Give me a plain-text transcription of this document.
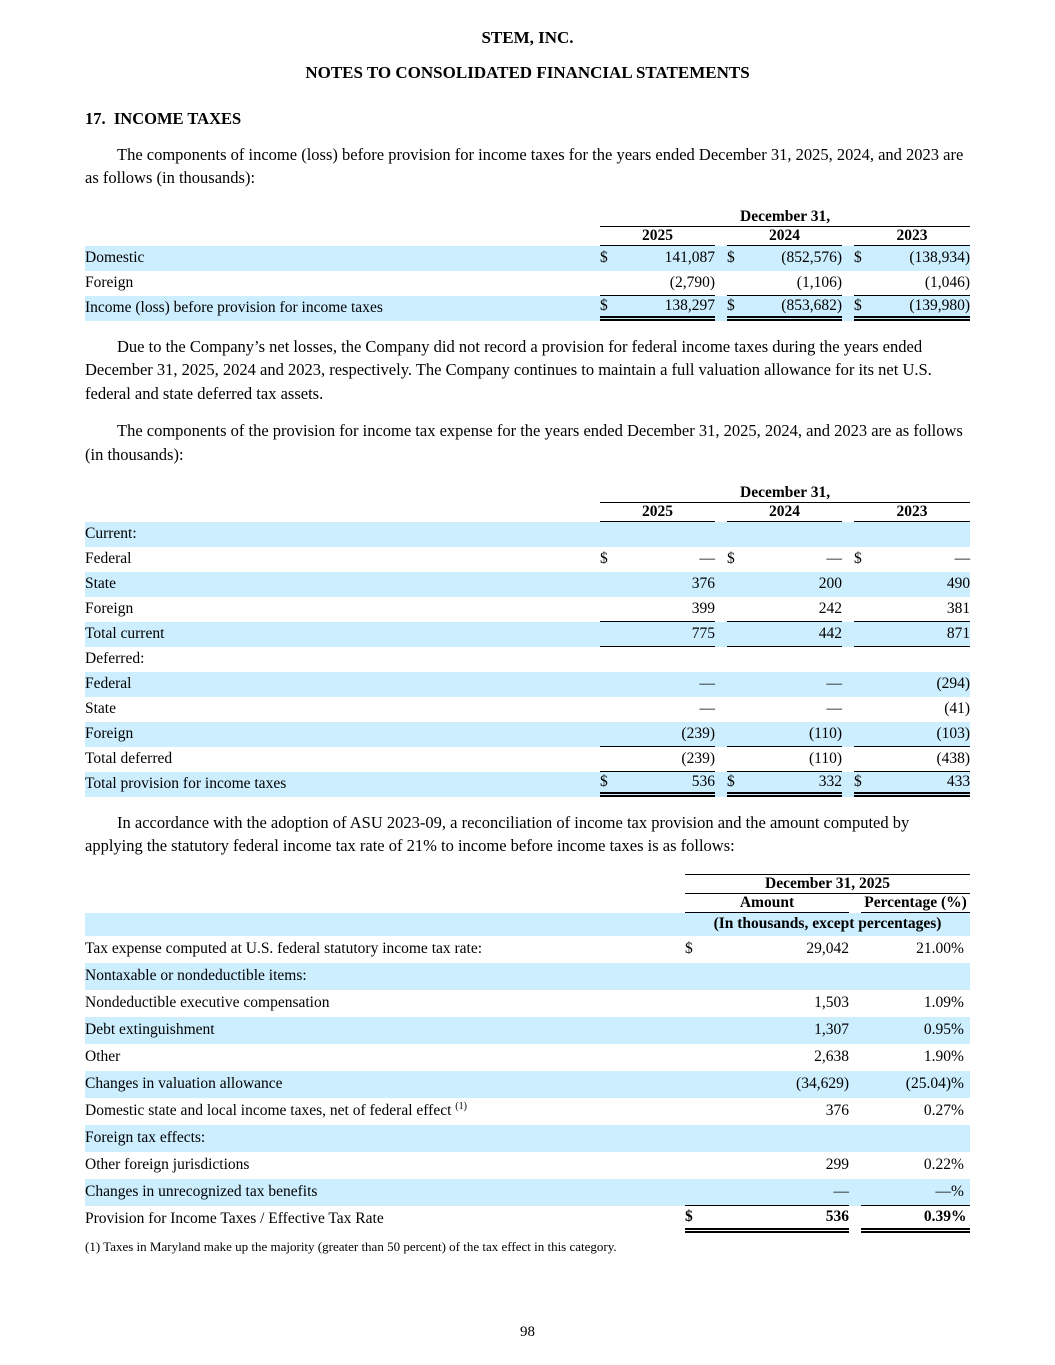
STEM, INC.
NOTES TO CONSOLIDATED FINANCIAL STATEMENTS
17.  INCOME TAXES

The components of income (loss) before provision for income taxes for the years ended December 31, 2025, 2024, and 2023 are as follows (in thousands):

	December 31,							
	2025			2024			2023	
Domestic	$	141,087		$	(852,576)		$	(138,934)
Foreign		(2,790)			(1,106)			(1,046)
Income (loss) before provision for income taxes	$	138,297		$	(853,682)		$	(139,980)

Due to the Company’s net losses, the Company did not record a provision for federal income taxes during the years ended December 31, 2025, 2024 and 2023, respectively. The Company continues to maintain a full valuation allowance for its net U.S. federal and state deferred tax assets.

The components of the provision for income tax expense for the years ended December 31, 2025, 2024, and 2023 are as follows (in thousands):

	December 31,							
	2025			2024			2023	
Current:								
Federal	$	—		$	—		$	—
State		376			200			490
Foreign		399			242			381
Total current		775			442			871
Deferred:								
Federal		—			—			(294)
State		—			—			(41)
Foreign		(239)			(110)			(103)
Total deferred		(239)			(110)			(438)
Total provision for income taxes	$	536		$	332		$	433

In accordance with the adoption of ASU 2023-09, a reconciliation of income tax provision and the amount computed by applying the statutory federal income tax rate of 21% to income before income taxes is as follows:

	December 31, 2025				
	Amount			Percentage (%)	
	(In thousands, except percentages)				
Tax expense computed at U.S. federal statutory income tax rate:	$	29,042		21.00	%
Nontaxable or nondeductible items:					
Nondeductible executive compensation		1,503		1.09	%
Debt extinguishment		1,307		0.95	%
Other		2,638		1.90	%
Changes in valuation allowance		(34,629)		(25.04)	%
Domestic state and local income taxes, net of federal effect $^{(1)}$		376		0.27	%
Foreign tax effects:					
Other foreign jurisdictions		299		0.22	%
Changes in unrecognized tax benefits		—		—	%
Provision for Income Taxes / Effective Tax Rate	$	536		0.39	%
(1) Taxes in Maryland make up the majority (greater than 50 percent) of the tax effect in this category.
98
